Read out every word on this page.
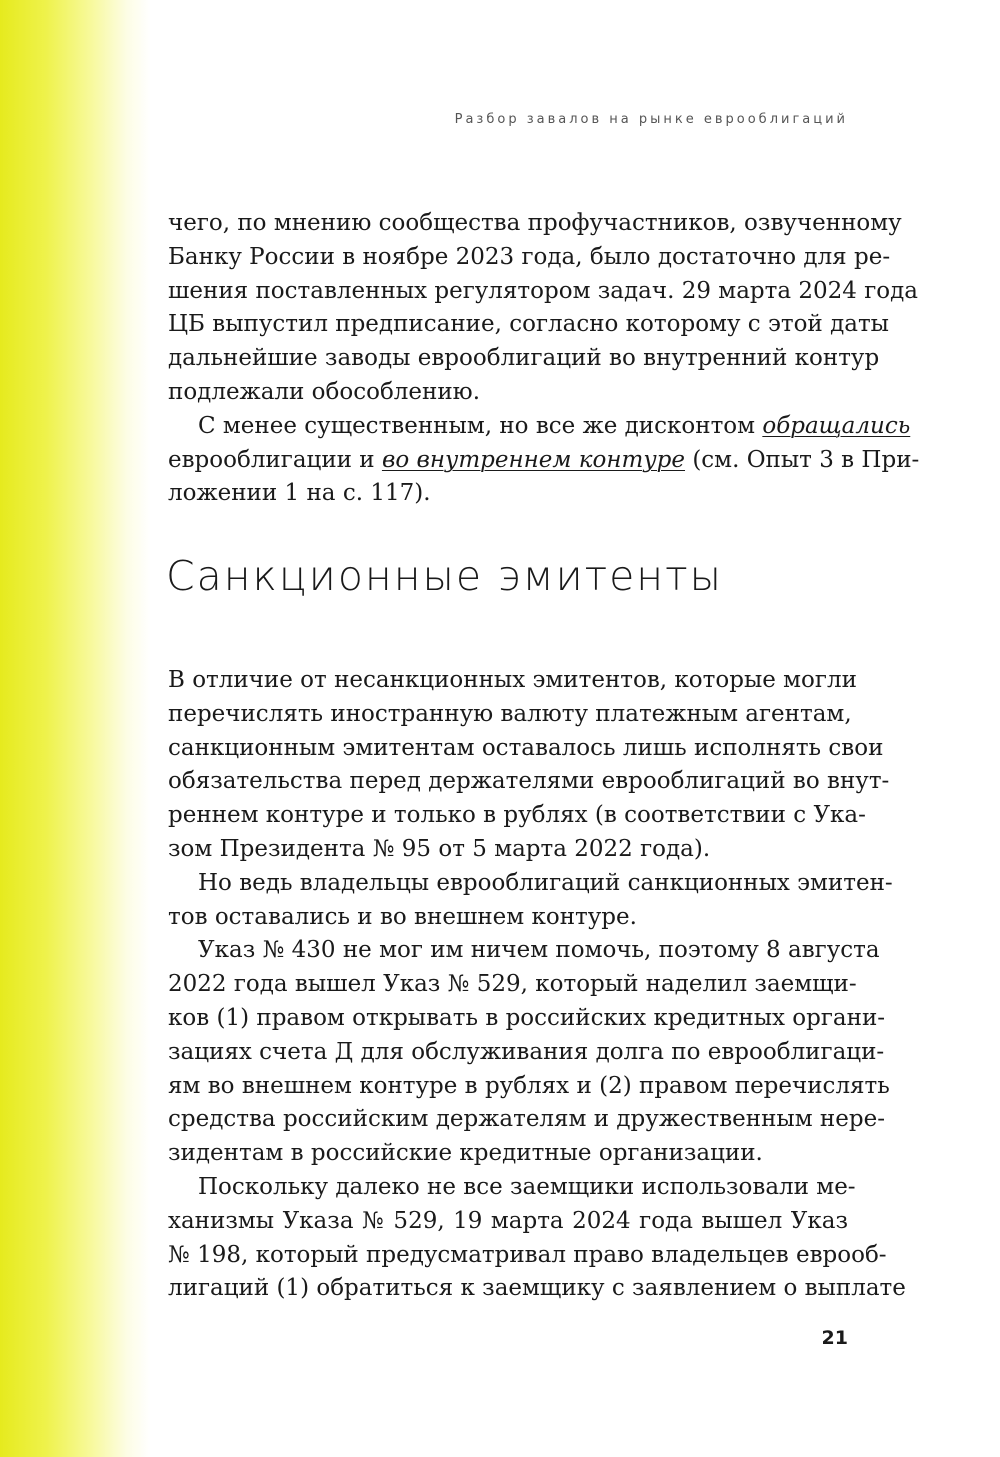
Разбор завалов на рынке еврооблигаций
чего, по мнению сообщества профучастников, озвученному
Банку России в ноябре 2023 года, было достаточно для ре-
шения поставленных регулятором задач. 29 марта 2024 года
ЦБ выпустил предписание, согласно которому с этой даты
дальнейшие заводы еврооблигаций во внутренний контур
подлежали обособлению.
С менее существенным, но все же дисконтом обращались
еврооблигации и во внутреннем контуре (см. Опыт 3 в При-
ложении 1 на с. 117).
Санкционные эмитенты
В отличие от несанкционных эмитентов, которые могли
перечислять иностранную валюту платежным агентам,
санкционным эмитентам оставалось лишь исполнять свои
обязательства перед держателями еврооблигаций во внут-
реннем контуре и только в рублях (в соответствии с Ука-
зом Президента № 95 от 5 марта 2022 года).
Но ведь владельцы еврооблигаций санкционных эмитен-
тов оставались и во внешнем контуре.
Указ № 430 не мог им ничем помочь, поэтому 8 августа
2022 года вышел Указ № 529, который наделил заемщи-
ков (1) правом открывать в российских кредитных органи-
зациях счета Д для обслуживания долга по еврооблигаци-
ям во внешнем контуре в рублях и (2) правом перечислять
средства российским держателям и дружественным нере-
зидентам в российские кредитные организации.
Поскольку далеко не все заемщики использовали ме-
ханизмы Указа № 529, 19 марта 2024 года вышел Указ
№ 198, который предусматривал право владельцев еврооб-
лигаций (1) обратиться к заемщику с заявлением о выплате
21
